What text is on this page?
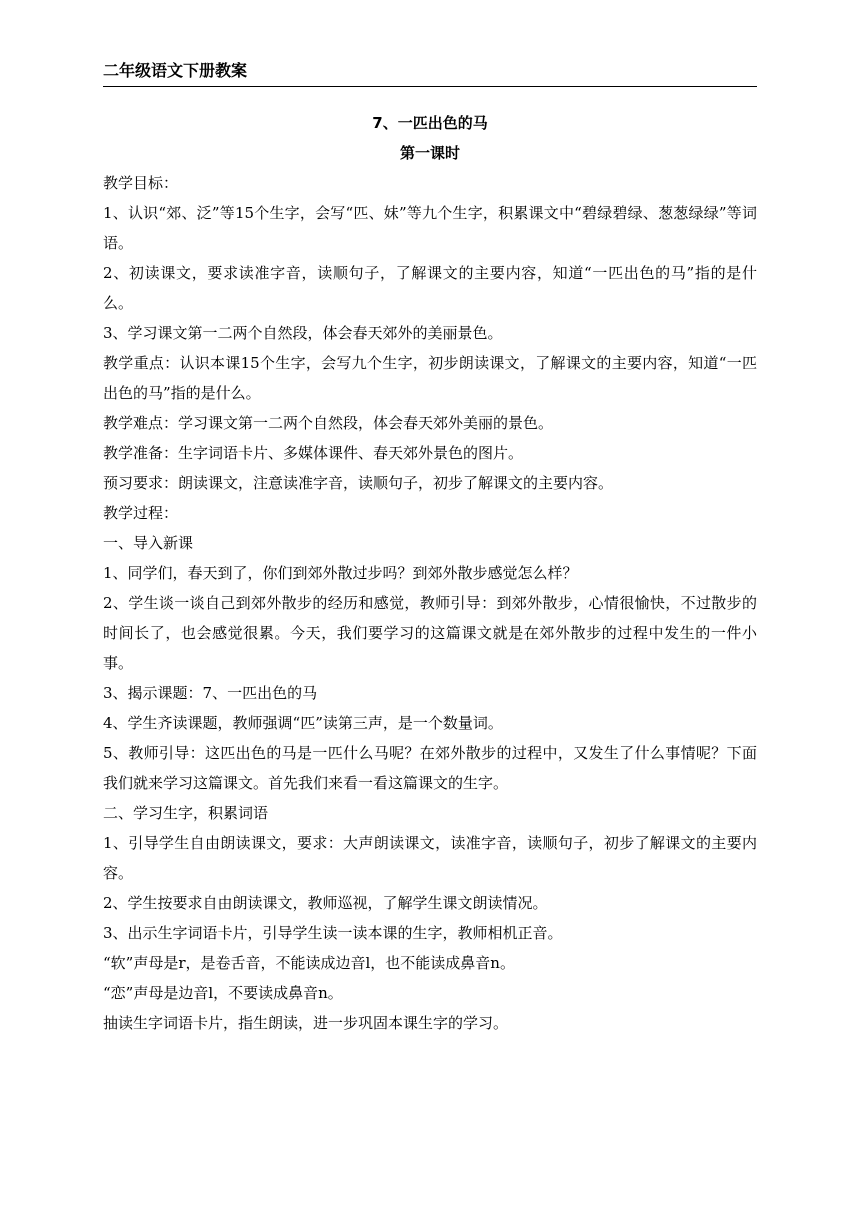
二年级语文下册教案
7、一匹出色的马
第一课时

教学目标：

1、认识“郊、泛”等15个生字，会写“匹、妹”等九个生字，积累课文中“碧绿碧绿、葱葱绿绿”等词语。

2、初读课文，要求读准字音，读顺句子，了解课文的主要内容，知道“一匹出色的马”指的是什么。

3、学习课文第一二两个自然段，体会春天郊外的美丽景色。

教学重点：认识本课15个生字，会写九个生字，初步朗读课文，了解课文的主要内容，知道“一匹出色的马”指的是什么。

教学难点：学习课文第一二两个自然段，体会春天郊外美丽的景色。

教学准备：生字词语卡片、多媒体课件、春天郊外景色的图片。

预习要求：朗读课文，注意读准字音，读顺句子，初步了解课文的主要内容。

教学过程：

一、导入新课

1、同学们，春天到了，你们到郊外散过步吗？到郊外散步感觉怎么样？

2、学生谈一谈自己到郊外散步的经历和感觉，教师引导：到郊外散步，心情很愉快，不过散步的时间长了，也会感觉很累。今天，我们要学习的这篇课文就是在郊外散步的过程中发生的一件小事。

3、揭示课题：7、一匹出色的马

4、学生齐读课题，教师强调“匹”读第三声，是一个数量词。

5、教师引导：这匹出色的马是一匹什么马呢？在郊外散步的过程中，又发生了什么事情呢？下面我们就来学习这篇课文。首先我们来看一看这篇课文的生字。

二、学习生字，积累词语

1、引导学生自由朗读课文，要求：大声朗读课文，读准字音，读顺句子，初步了解课文的主要内容。

2、学生按要求自由朗读课文，教师巡视，了解学生课文朗读情况。

3、出示生字词语卡片，引导学生读一读本课的生字，教师相机正音。

“软”声母是r，是卷舌音，不能读成边音l，也不能读成鼻音n。

“恋”声母是边音l，不要读成鼻音n。

抽读生字词语卡片，指生朗读，进一步巩固本课生字的学习。
